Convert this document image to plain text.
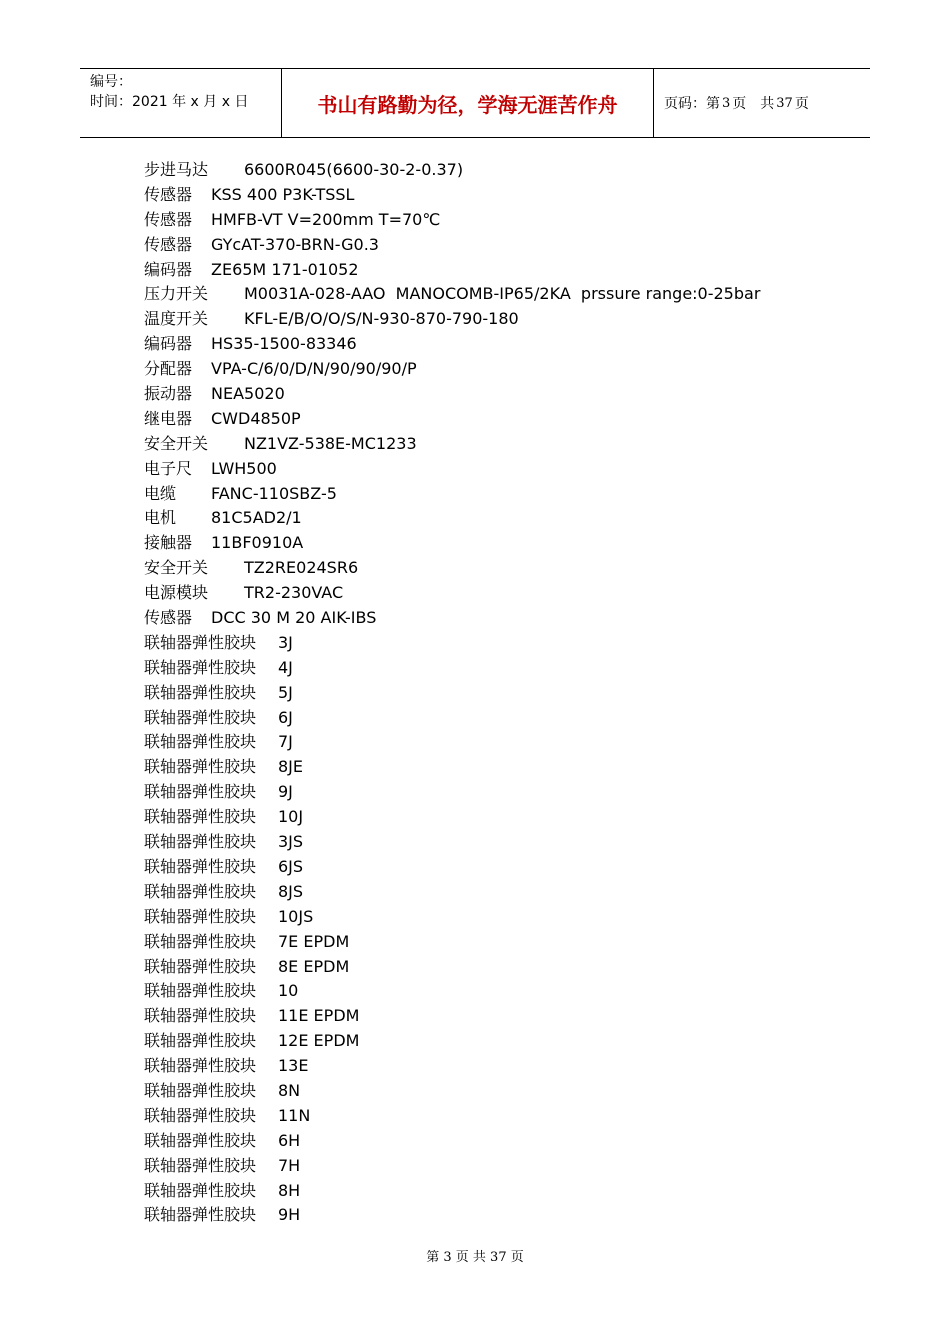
编号：
时间：2021 年 x 月 x 日	书山有路勤为径，学海无涯苦作舟	页码：第 3 页　共 37 页
步进马达	6600R045(6600-30-2-0.37)
传感器	KSS 400 P3K-TSSL
传感器	HMFB-VT V=200mm T=70℃
传感器	GYcAT-370-BRN-G0.3
编码器	ZE65M 171-01052
压力开关	M0031A-028-AAO  MANOCOMB-IP65/2KA  prssure range:0-25bar
温度开关	KFL-E/B/O/O/S/N-930-870-790-180
编码器	HS35-1500-83346
分配器	VPA-C/6/0/D/N/90/90/90/P
振动器	NEA5020
继电器	CWD4850P
安全开关	NZ1VZ-538E-MC1233
电子尺	LWH500
电缆	FANC-110SBZ-5
电机	81C5AD2/1
接触器	11BF0910A
安全开关	TZ2RE024SR6
电源模块	TR2-230VAC
传感器	DCC 30 M 20 AIK-IBS
联轴器弹性胶块	3J
联轴器弹性胶块	4J
联轴器弹性胶块	5J
联轴器弹性胶块	6J
联轴器弹性胶块	7J
联轴器弹性胶块	8JE
联轴器弹性胶块	9J
联轴器弹性胶块	10J
联轴器弹性胶块	3JS
联轴器弹性胶块	6JS
联轴器弹性胶块	8JS
联轴器弹性胶块	10JS
联轴器弹性胶块	7E EPDM
联轴器弹性胶块	8E EPDM
联轴器弹性胶块	10
联轴器弹性胶块	11E EPDM
联轴器弹性胶块	12E EPDM
联轴器弹性胶块	13E
联轴器弹性胶块	8N
联轴器弹性胶块	11N
联轴器弹性胶块	6H
联轴器弹性胶块	7H
联轴器弹性胶块	8H
联轴器弹性胶块	9H
第 3 页 共 37 页
